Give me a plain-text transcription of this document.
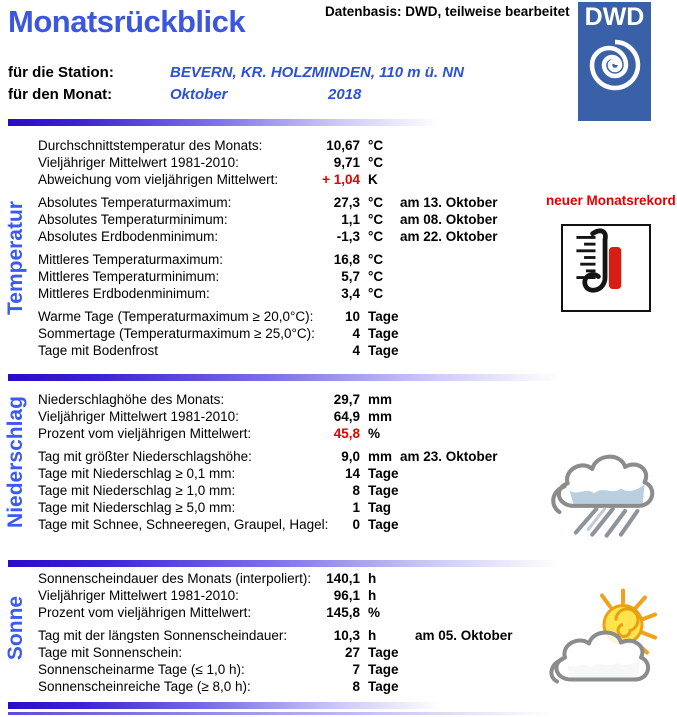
Monatsrückblick	Datenbasis: DWD, teilweise bearbeitet DWD
für die Station:	BEVERN, KR. HOLZMINDEN, 110 m ü. NN
für den Monat:	Oktober	2018
Temperatur
Niederschlag
Sonne
neuer Monatsrekord
Durchschnittstemperatur des Monats:	10,67 °C
Vieljähriger Mittelwert 1981-2010:	9,71 °C
Abweichung vom vieljährigen Mittelwert:	+ 1,04 K
Absolutes Temperaturmaximum:	27,3 °C am 13. Oktober
Absolutes Temperaturminimum:	1,1 °C am 08. Oktober
Absolutes Erdbodenminimum:	-1,3 °C am 22. Oktober
Mittleres Temperaturmaximum:	16,8 °C
Mittleres Temperaturminimum:	5,7 °C
Mittleres Erdbodenminimum:	3,4 °C
Warme Tage (Temperaturmaximum ≥ 20,0°C):	10 Tage
Sommertage (Temperaturmaximum ≥ 25,0°C):	4 Tage
Tage mit Bodenfrost	4 Tage
Niederschlaghöhe des Monats:	29,7 mm
Vieljähriger Mittelwert 1981-2010:	64,9 mm
Prozent vom vieljährigen Mittelwert:	45,8 %
Tag mit größter Niederschlagshöhe:	9,0 mm am 23. Oktober
Tage mit Niederschlag ≥ 0,1 mm:	14 Tage
Tage mit Niederschlag ≥ 1,0 mm:	8 Tage
Tage mit Niederschlag ≥ 5,0 mm:	1 Tag
Tage mit Schnee, Schneeregen, Graupel, Hagel:	0 Tage
Sonnenscheindauer des Monats (interpoliert):	140,1 h
Vieljähriger Mittelwert 1981-2010:	96,1 h
Prozent vom vieljährigen Mittelwert:	145,8 %
Tag mit der längsten Sonnenscheindauer:	10,3 h	am 05. Oktober
Tage mit Sonnenschein:	27 Tage
Sonnenscheinarme Tage (≤ 1,0 h):	7 Tage
Sonnenscheinreiche Tage (≥ 8,0 h):	8 Tage
